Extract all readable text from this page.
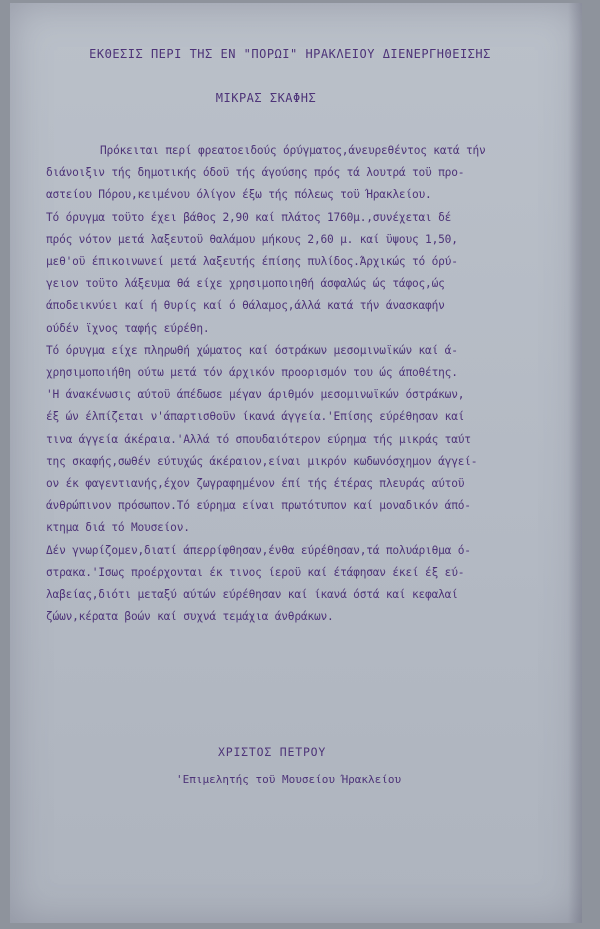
ΕΚΘΕΣΙΣ ΠΕΡΙ ΤΗΣ ΕΝ "ΠΟΡΩΙ" ΗΡΑΚΛΕΙΟΥ ΔΙΕΝΕΡΓΗΘΕΙΣΗΣ
ΜΙΚΡΑΣ ΣΚΑΦΗΣ
Πρόκειται περί φρεατοειδούς όρύγματος,άνευρεθέντος κατά τήν
διάνοιξιν τής δημοτικής όδοϋ τής άγούσης πρός τά λουτρά τοϋ προ-
αστείου Πόρου,κειμένου όλίγον έξω τής πόλεως τοϋ Ήρακλείου.
Τό όρυγμα τοϋτο έχει βάθος 2,90 καί πλάτος 1760μ.,συνέχεται δέ
πρός νότον μετά λαξευτοϋ θαλάμου μήκους 2,60 μ. καί ϋψους 1,50,
μεθ'οϋ έπικοινωνεί μετά λαξευτής έπίσης πυλίδος.Άρχικώς τό όρύ-
γειον τοϋτο λάξευμα θά είχε χρησιμοποιηθή άσφαλώς ώς τάφος,ώς
άποδεικνύει καί ή θυρίς καί ό θάλαμος,άλλά κατά τήν άνασκαφήν
ούδέν ϊχνος ταφής εύρέθη.
Τό όρυγμα είχε πληρωθή χώματος καί όστράκων μεσομινωϊκών καί ά-
χρησιμοποιήθη ούτω μετά τόν άρχικόν προορισμόν του ώς άποθέτης.
'Η άνακένωσις αύτοϋ άπέδωσε μέγαν άριθμόν μεσομινωϊκών όστράκων,
έξ ών έλπίζεται ν'άπαρτισθοϋν ίκανά άγγεία.'Επίσης εύρέθησαν καί
τινα άγγεία άκέραια.'Αλλά τό σπουδαιότερον εύρημα τής μικράς ταύτ
της σκαφής,σωθέν εύτυχώς άκέραιον,είναι μικρόν κωδωνόσχημον άγγεί-
ον έκ φαγεντιανής,έχον ζωγραφημένον έπί τής έτέρας πλευράς αύτοϋ
άνθρώπινον πρόσωπον.Τό εύρημα είναι πρωτότυπον καί μοναδικόν άπό-
κτημα διά τό Μουσείον.
Δέν γνωρίζομεν,διατί άπερρίφθησαν,ένθα εύρέθησαν,τά πολυάριθμα ό-
στρακα.'Ισως προέρχονται έκ τινος ίεροϋ καί έτάφησαν έκεί έξ εύ-
λαβείας,διότι μεταξύ αύτών εύρέθησαν καί ίκανά όστά καί κεφαλαί
ζώων,κέρατα βοών καί συχνά τεμάχια άνθράκων.
ΧΡΙΣΤΟΣ ΠΕΤΡΟΥ
'Επιμελητής τοϋ Μουσείου Ήρακλείου
